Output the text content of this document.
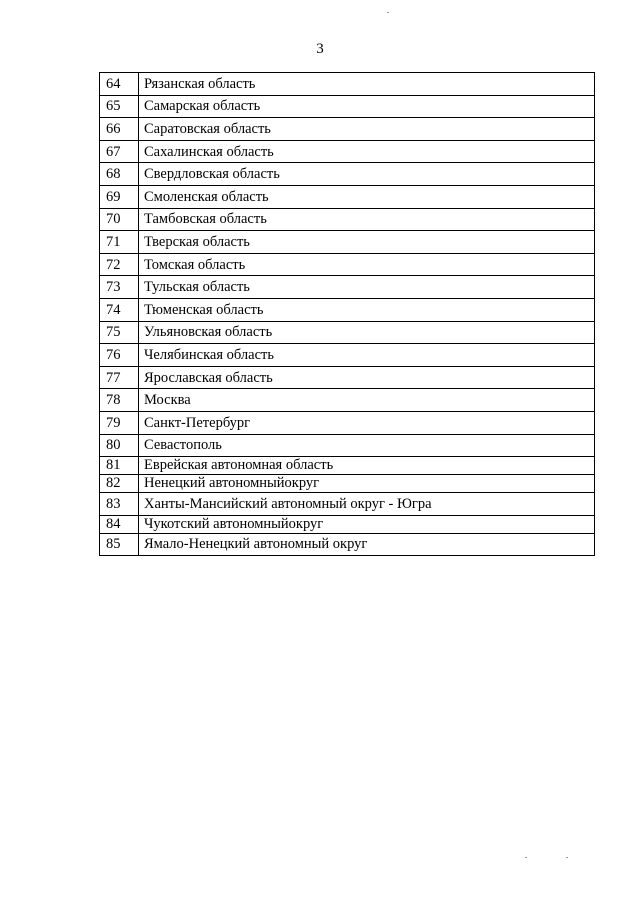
3
64	Рязанская область
65	Самарская область
66	Саратовская область
67	Сахалинская область
68	Свердловская область
69	Смоленская область
70	Тамбовская область
71	Тверская область
72	Томская область
73	Тульская область
74	Тюменская область
75	Ульяновская область
76	Челябинская область
77	Ярославская область
78	Москва
79	Санкт-Петербург
80	Севастополь
81	Еврейская автономная область
82	Ненецкий автономныйокруг
83	Ханты-Мансийский автономный округ - Югра
84	Чукотский автономныйокруг
85	Ямало-Ненецкий автономный округ
